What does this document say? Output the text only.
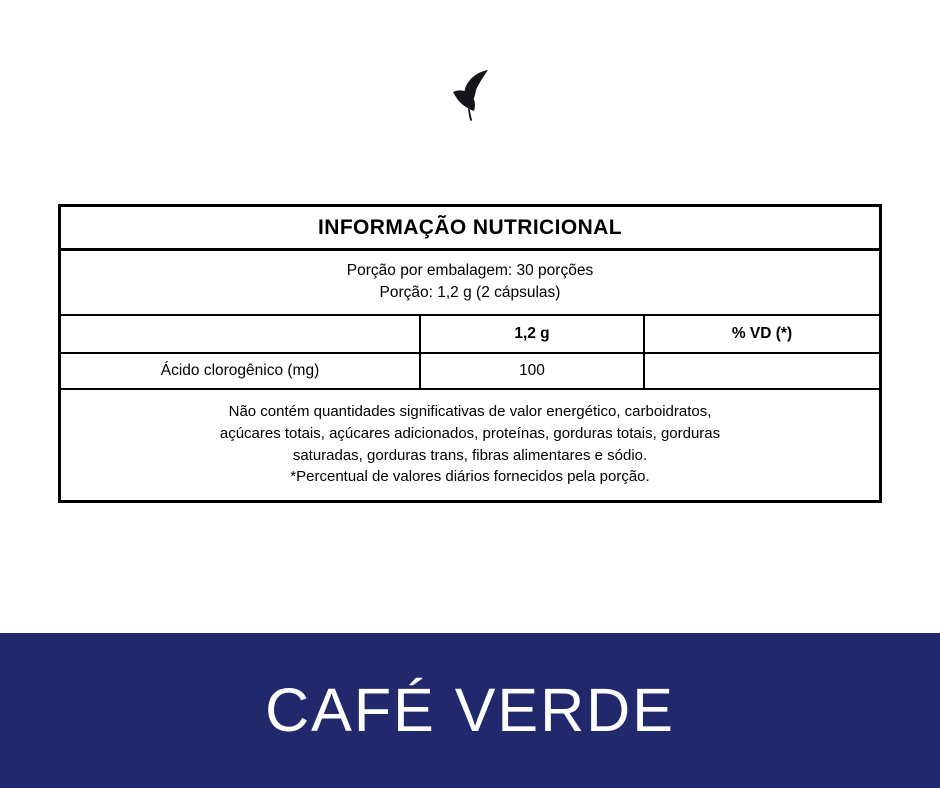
INFORMAÇÃO NUTRICIONAL
Porção por embalagem: 30 porções
Porção: 1,2 g (2 cápsulas)
1,2 g	% VD (*)
Ácido clorogênico (mg)	100

Não contém quantidades significativas de valor energético, carboidratos,

açúcares totais, açúcares adicionados, proteínas, gorduras totais, gorduras

saturadas, gorduras trans, fibras alimentares e sódio.

*Percentual de valores diários fornecidos pela porção.

CAFÉ VERDE
